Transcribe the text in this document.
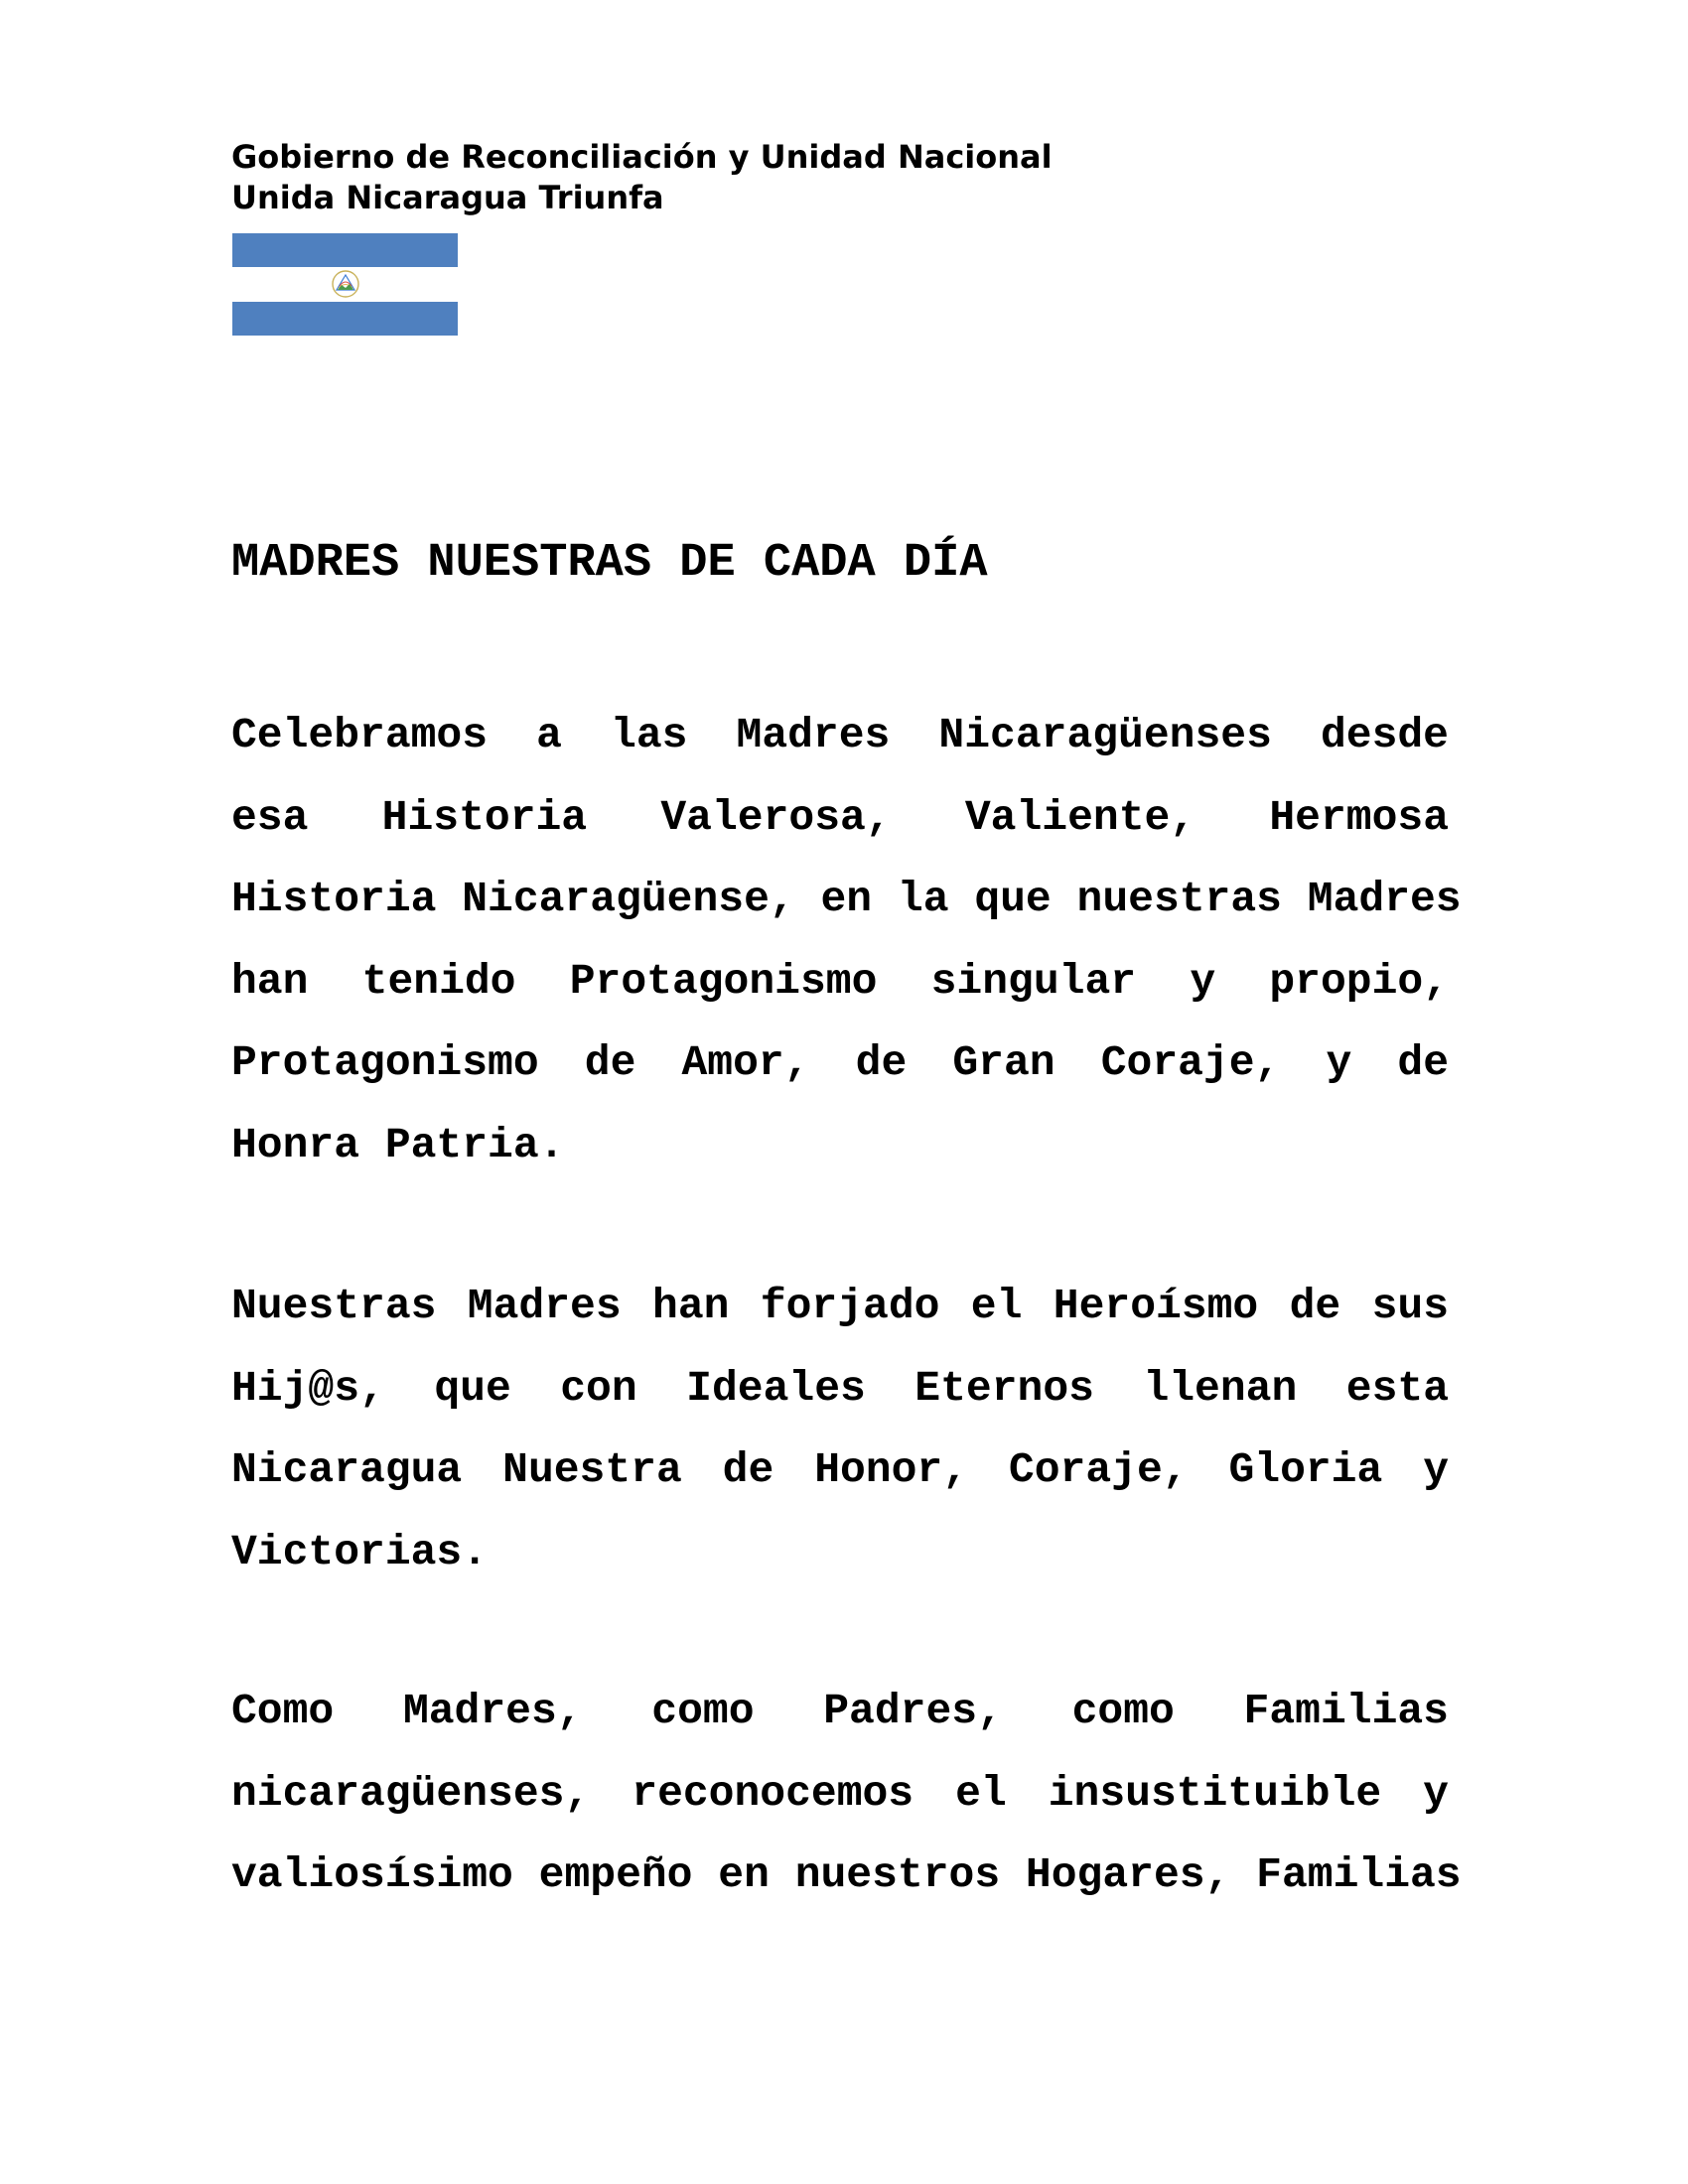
Gobierno de Reconciliación y Unidad Nacional
Unida Nicaragua Triunfa
MADRES NUESTRAS DE CADA DÍA
Celebramos a las Madres Nicaragüenses desde
esa Historia Valerosa, Valiente, Hermosa
Historia Nicaragüense, en la que nuestras Madres
han tenido Protagonismo singular y propio,
Protagonismo de Amor, de Gran Coraje, y de
Honra Patria.
Nuestras Madres han forjado el Heroísmo de sus
Hij@s, que con Ideales Eternos llenan esta
Nicaragua Nuestra de Honor, Coraje, Gloria y
Victorias.
Como Madres, como Padres, como Familias
nicaragüenses, reconocemos el insustituible y
valiosísimo empeño en nuestros Hogares, Familias
